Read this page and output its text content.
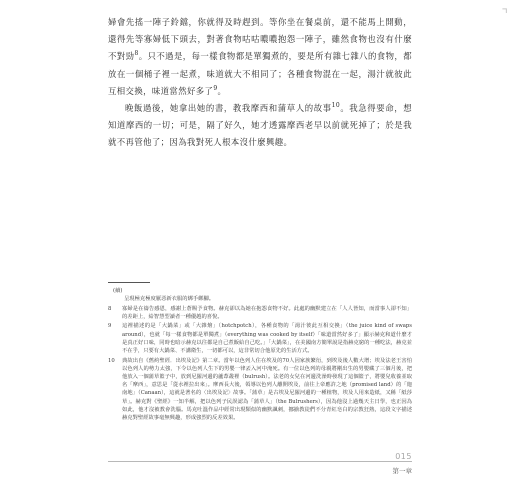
⌝

婦會先搖一陣子鈴鐺，你就得及時趕到。等你坐在餐桌前，還不能馬上開動，還得先等寡婦低下頭去，對著食物咕咕噥噥抱怨一陣子，雖然食物也沒有什麼不對勁$^8$。只不過是，每一樣食物都是單獨煮的，要是所有雜七雜八的食物，都放在一個桶子裡一起煮，味道就大不相同了；各種食物混在一起，湯汁就彼此互相交換，味道當然好多了$^9$。

晚飯過後，她拿出她的書，教我摩西和蒲草人的故事$^{10}$。我急得要命，想知道摩西的一切；可是，隔了好久，她才透露摩西老早以前就死掉了；於是我就不再管他了；因為我對死人根本沒什麼興趣。

(續)
呈現極克極度厭惡新衣服的綁手綁腳。

8	寡婦是在禱告感恩，感謝上蒼賜予食物。赫克卻以為她在抱怨食物不好。此處的幽默建立在「人人皆知，而當事人卻不知」的差距上，給智慧型讀者一種優越的喜悅。
9	這裡描述的是「大鍋菜」或「大雜燴」（hotchpotch），各種食物的「湯汁彼此互相交換」（the juice kind of swaps around），也就「每一樣食物都是單獨煮」（everything was cooked by itself）「味道當然好多了」顯示赫克和道什麼才是真正好口味，同時也暗示赫克以往都是自己煮飯給自己吃。」「大鍋菜」，在美國南方簡單說是指赫克窮的一種吃法，赫克並不在乎，只要有大鍋菜、不講衛生，一切都可以，這非常切合他原先的生活方式。
10	典故出自《舊約聖經．出埃及記》第二章。當年以色列人住在埃及的70人因家族繁衍，到埃及後人數大增；埃及法老王害怕以色列人的勢力太強，下令以色列人生下的男嬰一律丟入河中淹死。有一位以色列的母親將剛出生的男嬰藏了三個月後，把他放入一個蒲草籃子中，放到尼羅河邊的蘆葦叢裡（bulrush）。法老的女兒在河邊洗澡時發現了這個籃子，將嬰兒收養並取名「摩西」，意思是「從水裡拉出來」。摩西長大後，領導以色列人離開埃及，前往上帝應許之地（promised land）的「迦南地」（Canaan），這就是著名的〈出埃及記〉故事。「蒲草」是古埃及尼羅河邊的一種植物，埃及人用來造紙，又稱「紙莎草」。赫克對《聖經》一知半解，把以色列子民誤認為「蒲草人」（the Bulrushers），因為他沒上過幾天主日學，也正因為如此，他才沒被教會洗腦。馬克吐溫作品中經常出現類似的幽默諷刺，挪揄教徒們不分青紅皂白的宗教狂熱，這段文字描述赫克對聖經故事毫無興趣，形成強烈的反差效果。
015
第一章
